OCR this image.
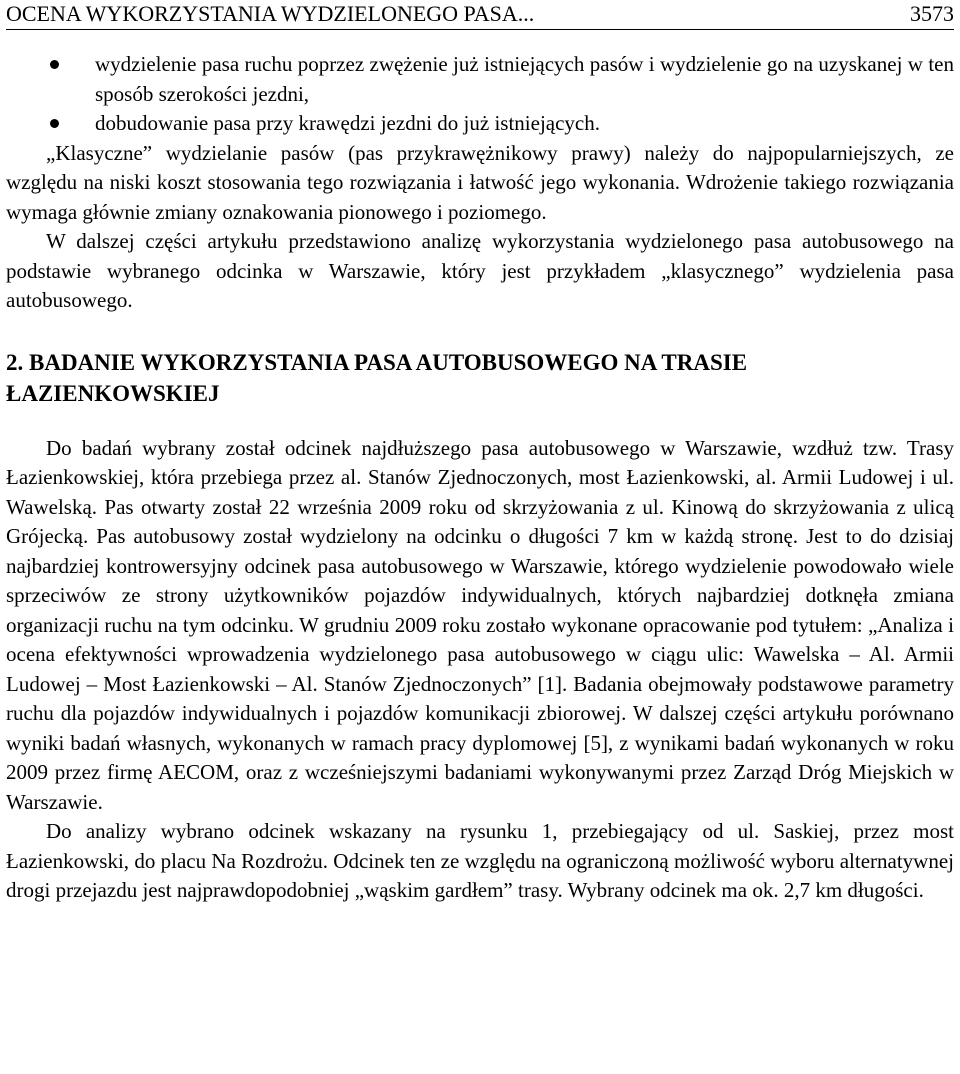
OCENA WYKORZYSTANIA WYDZIELONEGO PASA...	3573
wydzielenie pasa ruchu poprzez zwężenie już istniejących pasów i wydzielenie go na uzyskanej w ten sposób szerokości jezdni,
dobudowanie pasa przy krawędzi jezdni do już istniejących.

„Klasyczne” wydzielanie pasów (pas przykrawężnikowy prawy) należy do najpopularniejszych, ze względu na niski koszt stosowania tego rozwiązania i łatwość jego wykonania. Wdrożenie takiego rozwiązania wymaga głównie zmiany oznakowania pionowego i poziomego.

W dalszej części artykułu przedstawiono analizę wykorzystania wydzielonego pasa autobusowego na podstawie wybranego odcinka w Warszawie, który jest przykładem „klasycznego” wydzielenia pasa autobusowego.

2. BADANIE WYKORZYSTANIA PASA AUTOBUSOWEGO NA TRASIE ŁAZIENKOWSKIEJ

Do badań wybrany został odcinek najdłuższego pasa autobusowego w Warszawie, wzdłuż tzw. Trasy Łazienkowskiej, która przebiega przez al. Stanów Zjednoczonych, most Łazienkowski, al. Armii Ludowej i ul. Wawelską. Pas otwarty został 22 września 2009 roku od skrzyżowania z ul. Kinową do skrzyżowania z ulicą Grójecką. Pas autobusowy został wydzielony na odcinku o długości 7 km w każdą stronę. Jest to do dzisiaj najbardziej kontrowersyjny odcinek pasa autobusowego w Warszawie, którego wydzielenie powodowało wiele sprzeciwów ze strony użytkowników pojazdów indywidualnych, których najbardziej dotknęła zmiana organizacji ruchu na tym odcinku. W grudniu 2009 roku zostało wykonane opracowanie pod tytułem: „Analiza i ocena efektywności wprowadzenia wydzielonego pasa autobusowego w ciągu ulic: Wawelska – Al. Armii Ludowej – Most Łazienkowski – Al. Stanów Zjednoczonych” [1]. Badania obejmowały podstawowe parametry ruchu dla pojazdów indywidualnych i pojazdów komunikacji zbiorowej. W dalszej części artykułu porównano wyniki badań własnych, wykonanych w ramach pracy dyplomowej [5], z wynikami badań wykonanych w roku 2009 przez firmę AECOM, oraz z wcześniejszymi badaniami wykonywanymi przez Zarząd Dróg Miejskich w Warszawie.

Do analizy wybrano odcinek wskazany na rysunku 1, przebiegający od ul. Saskiej, przez most Łazienkowski, do placu Na Rozdrożu. Odcinek ten ze względu na ograniczoną możliwość wyboru alternatywnej drogi przejazdu jest najprawdopodobniej „wąskim gardłem” trasy. Wybrany odcinek ma ok. 2,7 km długości.
